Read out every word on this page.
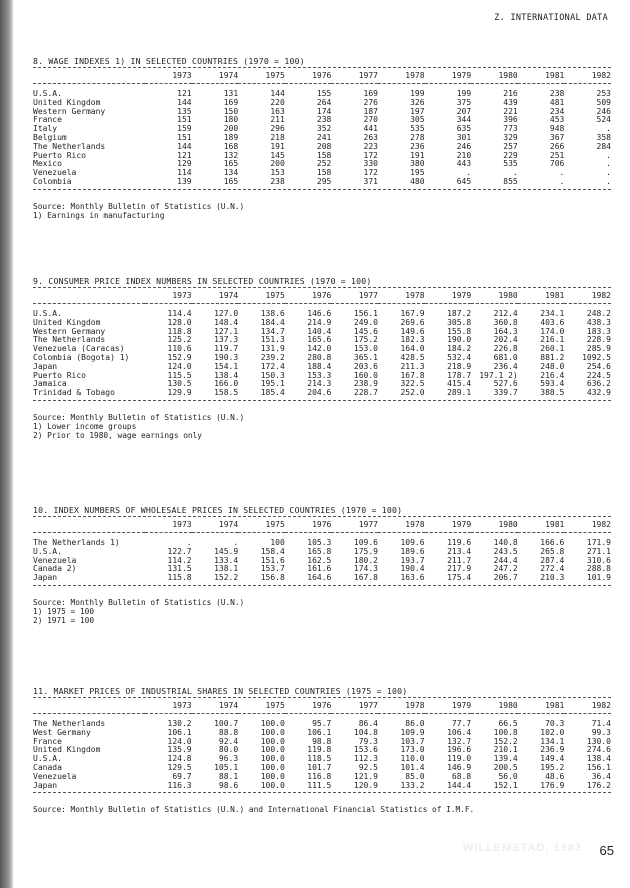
Z. INTERNATIONAL DATA
8. WAGE INDEXES 1) IN SELECTED COUNTRIES (1970 = 100)
	1973	1974	1975	1976	1977	1978	1979	1980	1981	1982
U.S.A.	121	131	144	155	169	199	199	216	238	253
United Kingdom	144	169	220	264	276	326	375	439	481	509
Western Germany	135	150	163	174	187	197	207	221	234	246
France	151	180	211	238	270	305	344	396	453	524
Italy	159	200	296	352	441	535	635	773	948	.
Belgium	151	189	218	241	263	278	301	329	367	358
The Netherlands	144	168	191	208	223	236	246	257	266	284
Puerto Rico	121	132	145	158	172	191	210	229	251	.
Mexico	129	165	200	252	330	380	443	535	706	.
Venezuela	114	134	153	158	172	195	.	.	.	.
Colombia	139	165	238	295	371	480	645	855	.	.
Source: Monthly Bulletin of Statistics (U.N.)
1) Earnings in manufacturing
9. CONSUMER PRICE INDEX NUMBERS IN SELECTED COUNTRIES (1970 = 100)
	1973	1974	1975	1976	1977	1978	1979	1980	1981	1982
U.S.A.	114.4	127.0	138.6	146.6	156.1	167.9	187.2	212.4	234.1	248.2
United Kingdom	128.0	148.4	184.4	214.9	249.0	269.6	305.8	360.8	403.6	438.3
Western Germany	118.8	127.1	134.7	140.4	145.6	149.6	155.8	164.3	174.0	183.3
The Netherlands	125.2	137.3	151.3	165.6	175.2	182.3	190.0	202.4	216.1	228.9
Venezuela (Caracas)	110.6	119.7	131.9	142.0	153.0	164.0	184.2	226.8	260.1	285.9
Colombia (Bogota) 1)	152.9	190.3	239.2	280.8	365.1	428.5	532.4	681.0	881.2	1092.5
Japan	124.0	154.1	172.4	188.4	203.6	211.3	218.9	236.4	248.0	254.6
Puerto Rico	115.5	138.4	150.3	153.3	160.0	167.8	178.7	197.1 2)	216.4	224.5
Jamaica	130.5	166.0	195.1	214.3	238.9	322.5	415.4	527.6	593.4	636.2
Trinidad & Tobago	129.9	158.5	185.4	204.6	228.7	252.0	289.1	339.7	388.5	432.9
Source: Monthly Bulletin of Statistics (U.N.)
1) Lower income groups
2) Prior to 1980, wage earnings only
10. INDEX NUMBERS OF WHOLESALE PRICES IN SELECTED COUNTRIES (1970 = 100)
	1973	1974	1975	1976	1977	1978	1979	1980	1981	1982
The Netherlands 1)	.	.	100	105.3	109.6	109.6	119.6	140.8	166.6	171.9
U.S.A.	122.7	145.9	158.4	165.8	175.9	189.6	213.4	243.5	265.8	271.1
Venezuela	114.2	133.4	151.6	162.5	180.2	193.7	211.7	244.4	287.4	310.6
Canada 2)	131.5	138.1	153.7	161.6	174.3	190.4	217.9	247.2	272.4	288.8
Japan	115.8	152.2	156.8	164.6	167.8	163.6	175.4	206.7	210.3	101.9
Source: Monthly Bulletin of Statistics (U.N.)
1) 1975 = 100
2) 1971 = 100
11. MARKET PRICES OF INDUSTRIAL SHARES IN SELECTED COUNTRIES (1975 = 100)
	1973	1974	1975	1976	1977	1978	1979	1980	1981	1982
The Netherlands	130.2	100.7	100.0	95.7	86.4	86.0	77.7	66.5	70.3	71.4
West Germany	106.1	88.8	100.0	106.1	104.8	109.9	106.4	100.8	102.0	99.3
France	124.0	92.4	100.0	98.8	79.3	103.7	132.7	152.2	134.1	130.0
United Kingdom	135.9	80.0	100.0	119.8	153.6	173.0	196.6	210.1	236.9	274.6
U.S.A.	124.8	96.3	100.0	118.5	112.3	110.0	119.0	139.4	149.4	138.4
Canada	129.5	105.1	100.0	101.7	92.5	101.4	146.9	200.5	195.2	156.1
Venezuela	69.7	88.1	100.0	116.8	121.9	85.0	68.8	56.0	48.6	36.4
Japan	116.3	98.6	100.0	111.5	120.9	133.2	144.4	152.1	176.9	176.2
Source: Monthly Bulletin of Statistics (U.N.) and International Financial Statistics of I.M.F.
WILLEMSTAD, 1983 65
